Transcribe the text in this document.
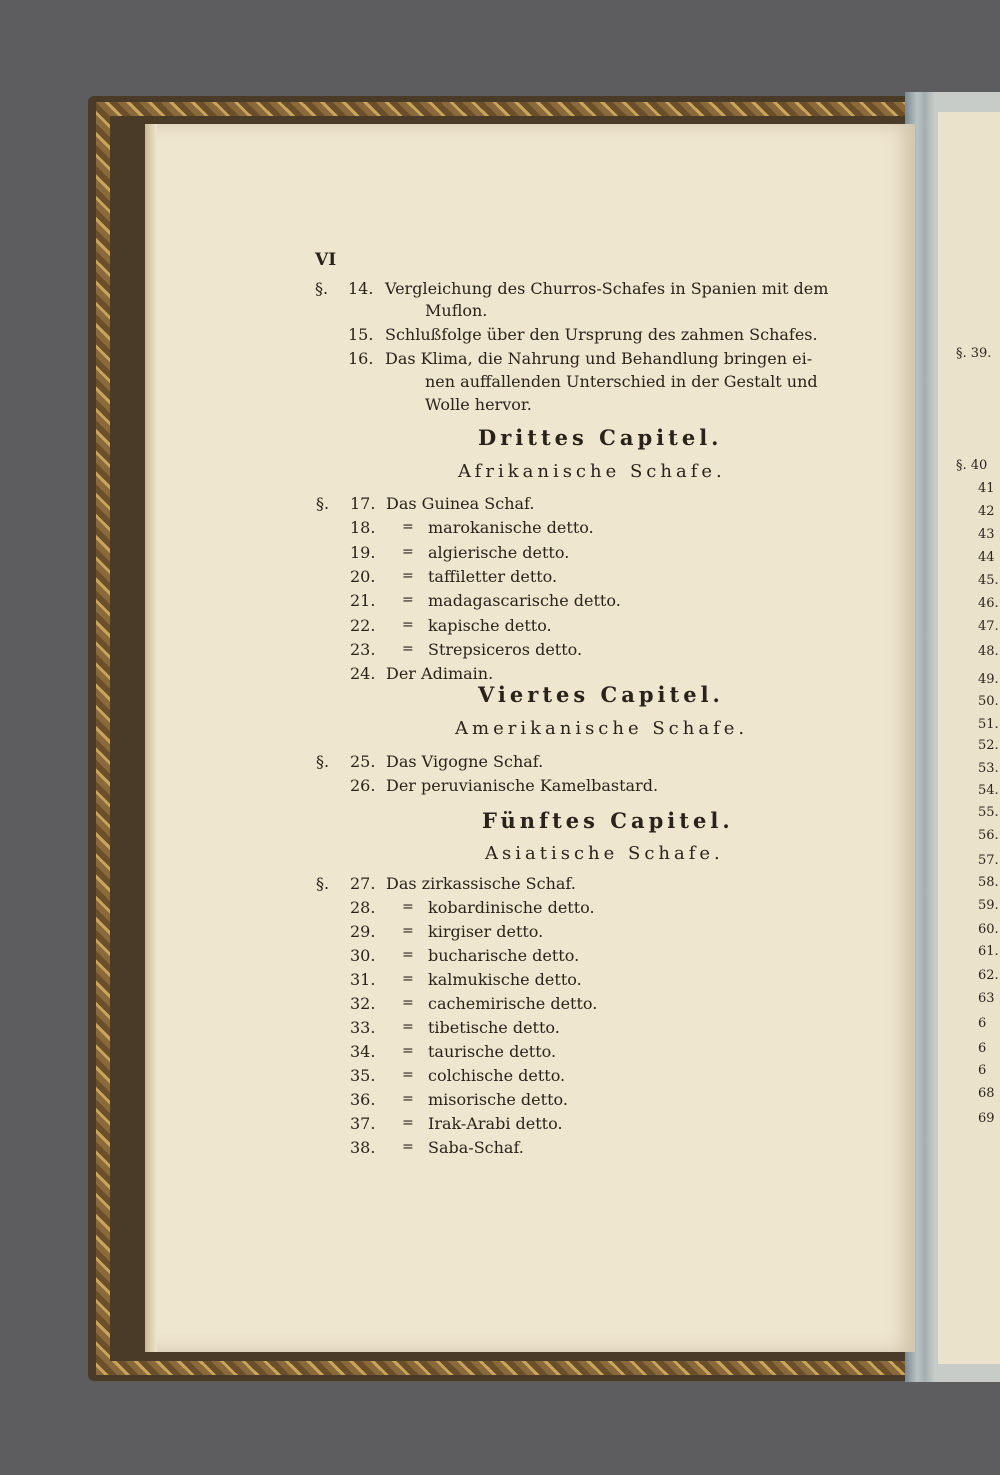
§. 39.
§. 40
41
42
43
44
45.
46.
47.
48.
49.
50.
51.
52.
53.
54.
55.
56.
57.
58.
59.
60.
61.
62.
63
6
6
6
68
69
VI
§. 14. Vergleichung des Churros-Schafes in Spanien mit dem
Muflon.
15. Schlußfolge über den Ursprung des zahmen Schafes.
16. Das Klima, die Nahrung und Behandlung bringen ei-
nen auffallenden Unterschied in der Gestalt und
Wolle hervor.
Drittes Capitel.
Afrikanische Schafe.
§. 17. Das Guinea Schaf.
18. = marokanische detto.
19. = algierische detto.
20. = taffiletter detto.
21. = madagascarische detto.
22. = kapische detto.
23. = Strepsiceros detto.
24. Der Adimain.
Viertes Capitel.
Amerikanische Schafe.
§. 25. Das Vigogne Schaf.
26. Der peruvianische Kamelbastard.
Fünftes Capitel.
Asiatische Schafe.
§. 27. Das zirkassische Schaf.
28. = kobardinische detto.
29. = kirgiser detto.
30. = bucharische detto.
31. = kalmukische detto.
32. = cachemirische detto.
33. = tibetische detto.
34. = taurische detto.
35. = colchische detto.
36. = misorische detto.
37. = Irak-Arabi detto.
38. = Saba-Schaf.
